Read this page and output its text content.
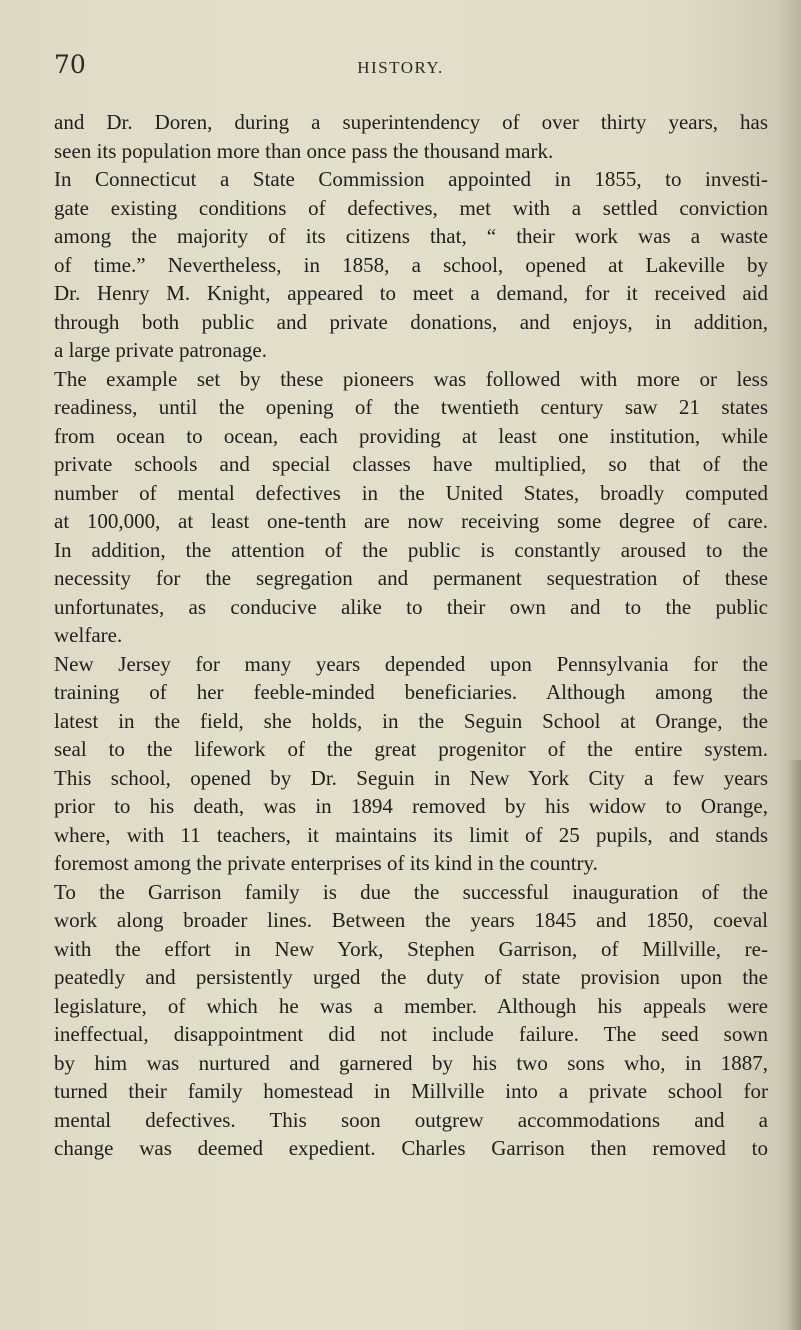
70	HISTORY.

and Dr. Doren, during a superintendency of over thirty years, has
seen its population more than once pass the thousand mark.

In Connecticut a State Commission appointed in 1855, to investi-
gate existing conditions of defectives, met with a settled conviction
among the majority of its citizens that, “ their work was a waste
of time.” Nevertheless, in 1858, a school, opened at Lakeville by
Dr. Henry M. Knight, appeared to meet a demand, for it received aid
through both public and private donations, and enjoys, in addition,
a large private patronage.

The example set by these pioneers was followed with more or less
readiness, until the opening of the twentieth century saw 21 states
from ocean to ocean, each providing at least one institution, while
private schools and special classes have multiplied, so that of the
number of mental defectives in the United States, broadly computed
at 100,000, at least one-tenth are now receiving some degree of care.
In addition, the attention of the public is constantly aroused to the
necessity for the segregation and permanent sequestration of these
unfortunates, as conducive alike to their own and to the public
welfare.

New Jersey for many years depended upon Pennsylvania for the
training of her feeble-minded beneficiaries. Although among the
latest in the field, she holds, in the Seguin School at Orange, the
seal to the lifework of the great progenitor of the entire system.
This school, opened by Dr. Seguin in New York City a few years
prior to his death, was in 1894 removed by his widow to Orange,
where, with 11 teachers, it maintains its limit of 25 pupils, and stands
foremost among the private enterprises of its kind in the country.

To the Garrison family is due the successful inauguration of the
work along broader lines. Between the years 1845 and 1850, coeval
with the effort in New York, Stephen Garrison, of Millville, re-
peatedly and persistently urged the duty of state provision upon the
legislature, of which he was a member. Although his appeals were
ineffectual, disappointment did not include failure. The seed sown
by him was nurtured and garnered by his two sons who, in 1887,
turned their family homestead in Millville into a private school for
mental defectives. This soon outgrew accommodations and a
change was deemed expedient. Charles Garrison then removed to
